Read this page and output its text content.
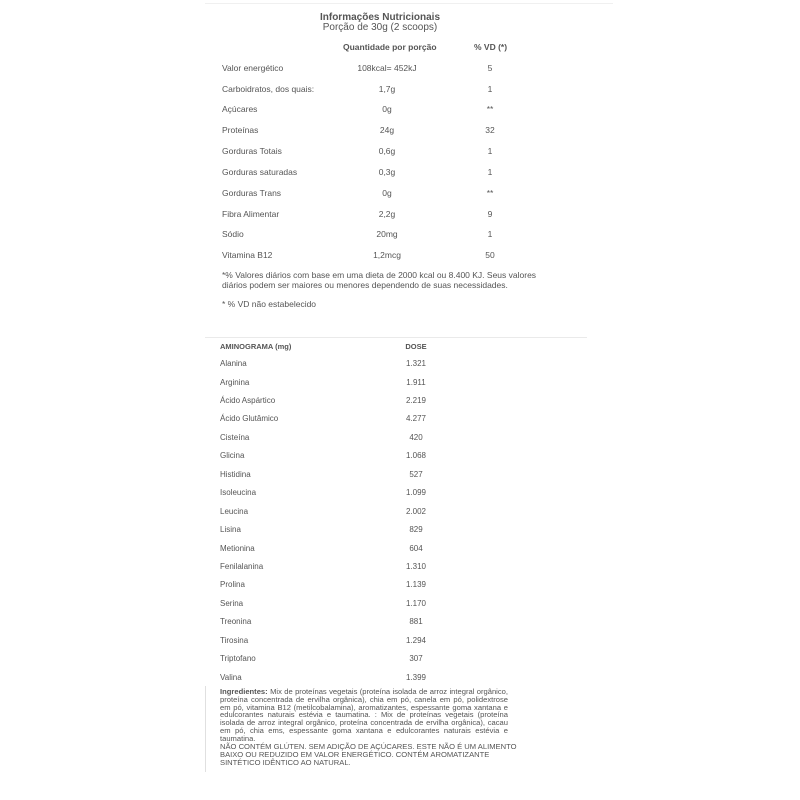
Informações Nutricionais
Porção de 30g (2 scoops)
Quantidade por porção	% VD (*)
Valor energético	108kcal= 452kJ	5
Carboidratos, dos quais:	1,7g	1
Açúcares	0g	**
Proteínas	24g	32
Gorduras Totais	0,6g	1
Gorduras saturadas	0,3g	1
Gorduras Trans	0g	**
Fibra Alimentar	2,2g	9
Sódio	20mg	1
Vitamina B12	1,2mcg	50
*% Valores diários com base em uma dieta de 2000 kcal ou 8.400 KJ. Seus valores diários podem ser maiores ou menores dependendo de suas necessidades.
* % VD não estabelecido
AMINOGRAMA (mg)	DOSE
Alanina	1.321
Arginina	1.911
Ácido Aspártico	2.219
Ácido Glutâmico	4.277
Cisteína	420
Glicina	1.068
Histidina	527
Isoleucina	1.099
Leucina	2.002
Lisina	829
Metionina	604
Fenilalanina	1.310
Prolina	1.139
Serina	1.170
Treonina	881
Tirosina	1.294
Triptofano	307
Valina	1.399
Ingredientes: Mix de proteínas vegetais (proteína isolada de arroz integral orgânico, proteína concentrada de ervilha orgânica), chia em pó, canela em pó, polidextrose em pó, vitamina B12 (metilcobalamina), aromatizantes, espessante goma xantana e edulcorantes naturais estévia e taumatina. : Mix de proteínas vegetais (proteína isolada de arroz integral orgânico, proteína concentrada de ervilha orgânica), cacau em pó, chia ems, espessante goma xantana e edulcorantes naturais estévia e taumatina.
NÃO CONTÉM GLÚTEN. SEM ADIÇÃO DE AÇÚCARES. ESTE NÃO É UM ALIMENTO BAIXO OU REDUZIDO EM VALOR ENERGÉTICO. CONTÉM AROMATIZANTE SINTÉTICO IDÊNTICO AO NATURAL.
